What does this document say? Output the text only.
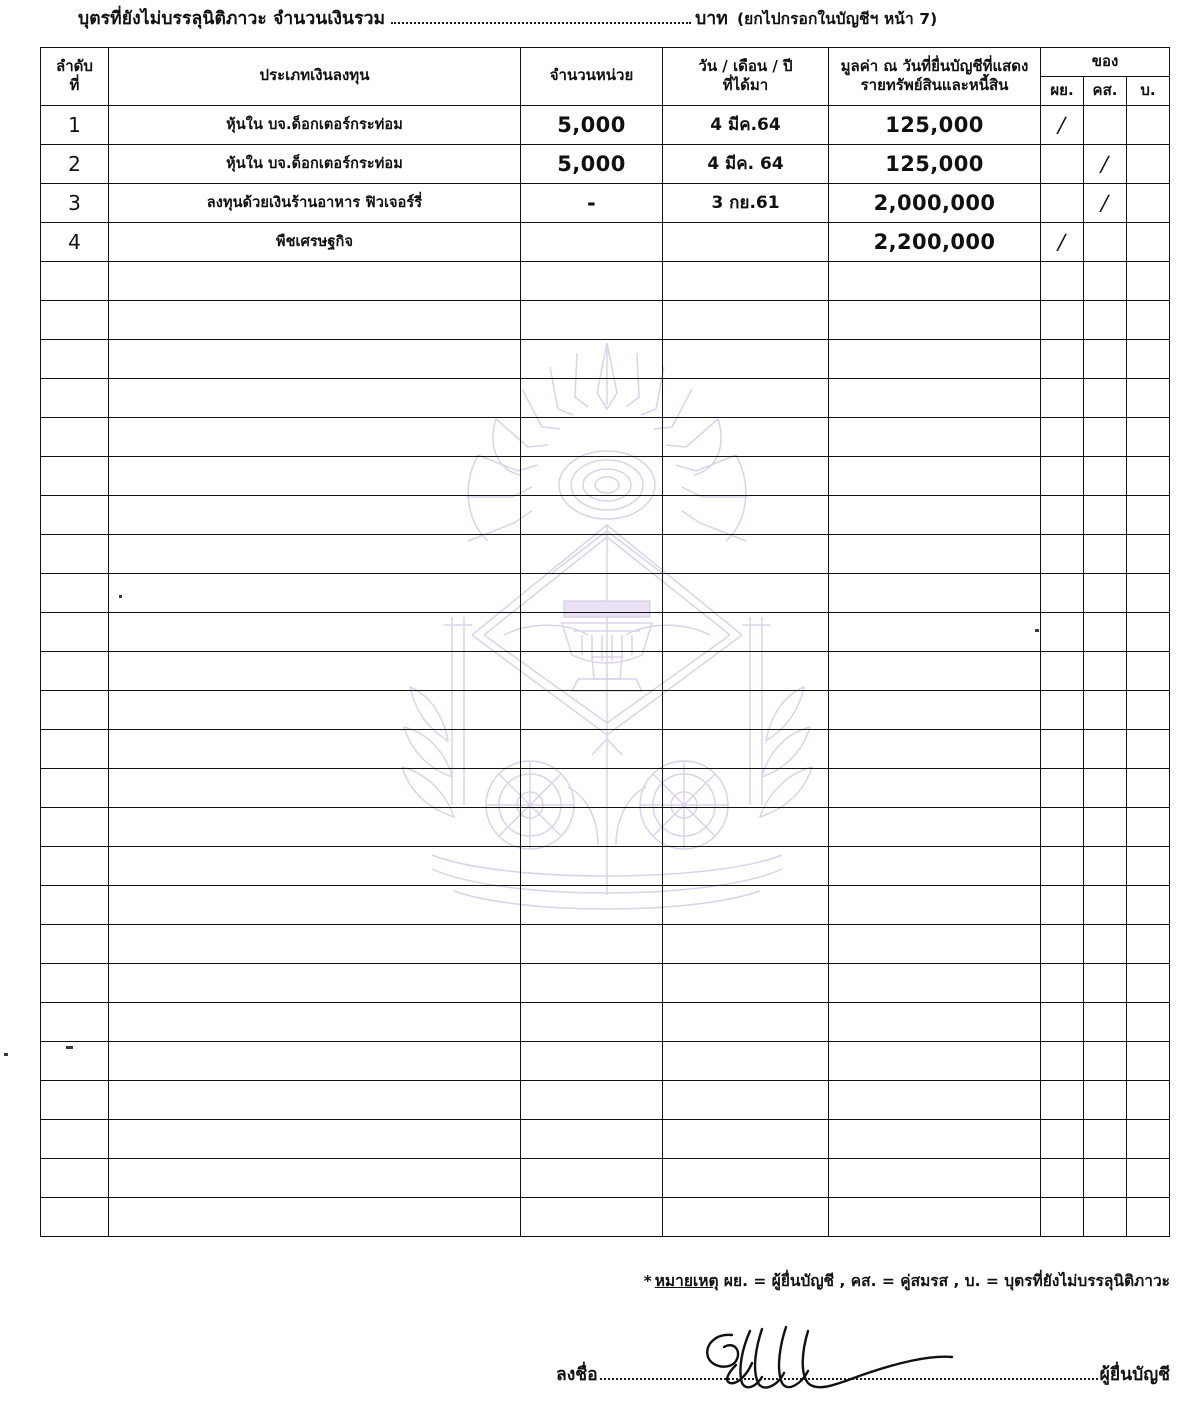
บุตรที่ยังไม่บรรลุนิติภาวะ จำนวนเงินรวม	บาท (ยกไปกรอกในบัญชีฯ หน้า 7)
ลำดับ
ที่
	ประเภทเงินลงทุน	จำนวนหน่วย	
วัน / เดือน / ปี
ที่ได้มา

มูลค่า ณ วันที่ยื่นบัญชีที่แสดง
รายทรัพย์สินและหนี้สิน
	ของ
					ผย.	คส.	บ.
1	หุ้นใน บจ.ด็อกเตอร์กระท่อม	5,000	4 มีค.64	125,000	/		
2	หุ้นใน บจ.ด็อกเตอร์กระท่อม	5,000	4 มีค. 64	125,000		/	
3	ลงทุนด้วยเงินร้านอาหาร ฟิวเจอร์รี่	-	3 กย.61	2,000,000		/	
4	พืชเศรษฐกิจ			2,200,000	/		

* หมายเหตุ ผย. = ผู้ยื่นบัญชี , คส. = คู่สมรส , บ. = บุตรที่ยังไม่บรรลุนิติภาวะ
ลงชื่อ	ผู้ยื่นบัญชี
